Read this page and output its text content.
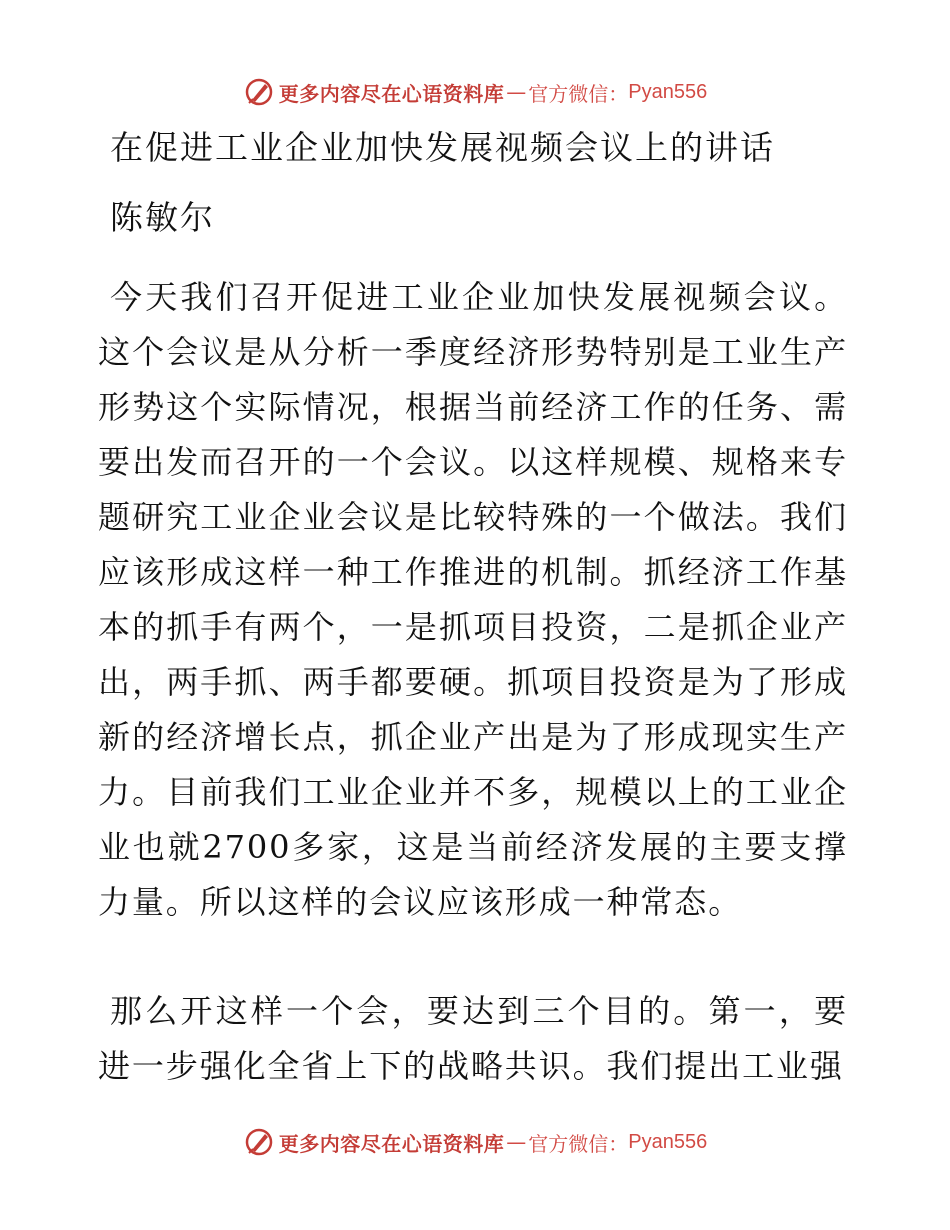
更多内容尽在心语资料库 — 官方微信： Pyan556
在促进工业企业加快发展视频会议上的讲话

陈敏尔

今天我们召开促进工业企业加快发展视频会议。这个会议是从分析一季度经济形势特别是工业生产形势这个实际情况，根据当前经济工作的任务、需要出发而召开的一个会议。以这样规模、规格来专题研究工业企业会议是比较特殊的一个做法。我们应该形成这样一种工作推进的机制。抓经济工作基本的抓手有两个，一是抓项目投资，二是抓企业产出，两手抓、两手都要硬。抓项目投资是为了形成新的经济增长点，抓企业产出是为了形成现实生产力。目前我们工业企业并不多，规模以上的工业企业也就2700多家，这是当前经济发展的主要支撑力量。所以这样的会议应该形成一种常态。

那么开这样一个会，要达到三个目的。第一，要进一步强化全省上下的战略共识。我们提出工业强

更多内容尽在心语资料库 — 官方微信： Pyan556
